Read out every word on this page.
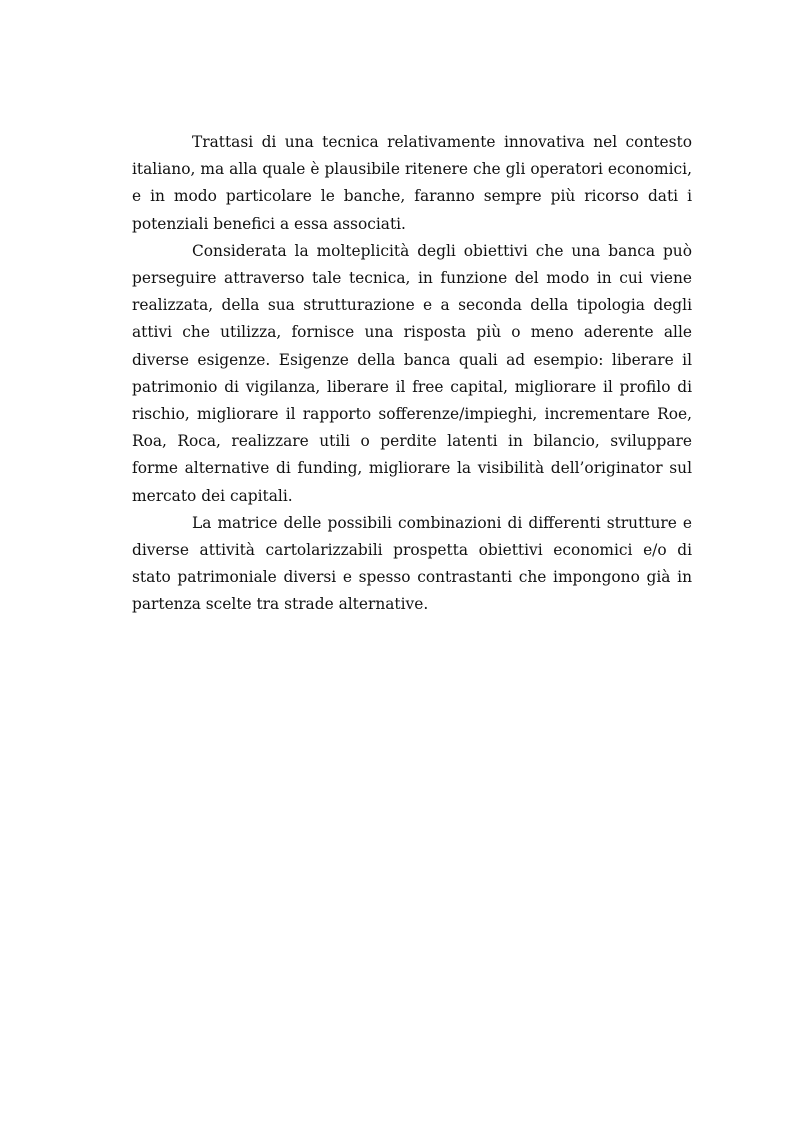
Trattasi di una tecnica relativamente innovativa nel contesto italiano, ma alla quale è plausibile ritenere che gli operatori economici, e in modo particolare le banche, faranno sempre più ricorso dati i potenziali benefici a essa associati.

Considerata la molteplicità degli obiettivi che una banca può perseguire attraverso tale tecnica, in funzione del modo in cui viene realizzata, della sua strutturazione e a seconda della tipologia degli attivi che utilizza, fornisce una risposta più o meno aderente alle diverse esigenze. Esigenze della banca quali ad esempio: liberare il patrimonio di vigilanza, liberare il free capital, migliorare il profilo di rischio, migliorare il rapporto sofferenze/impieghi, incrementare Roe, Roa, Roca, realizzare utili o perdite latenti in bilancio, sviluppare forme alternative di funding, migliorare la visibilità dell’originator sul mercato dei capitali.

La matrice delle possibili combinazioni di differenti strutture e diverse attività cartolarizzabili prospetta obiettivi economici e/o di stato patrimoniale diversi e spesso contrastanti che impongono già in partenza scelte tra strade alternative.
